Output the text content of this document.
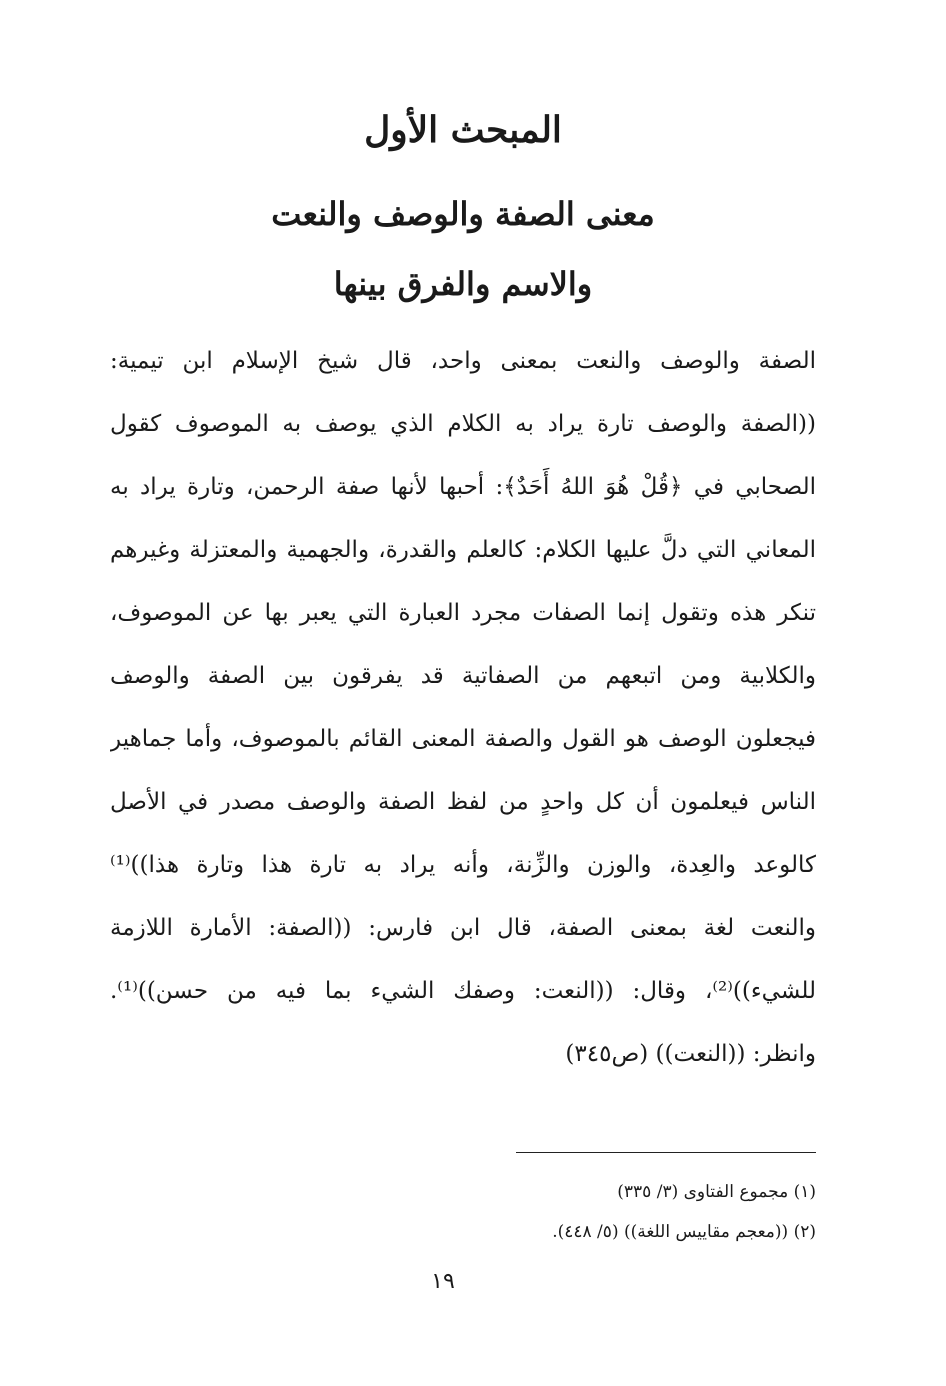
المبحث الأول
معنى الصفة والوصف والنعت
والاسم والفرق بينها
الصفة والوصف والنعت بمعنى واحد، قال شيخ الإسلام ابن تيمية:
((الصفة والوصف تارة يراد به الكلام الذي يوصف به الموصوف كقول
الصحابي في ﴿قُلْ هُوَ اللهُ أَحَدٌ﴾: أحبها لأنها صفة الرحمن، وتارة يراد به
المعاني التي دلَّ عليها الكلام: كالعلم والقدرة، والجهمية والمعتزلة وغيرهم
تنكر هذه وتقول إنما الصفات مجرد العبارة التي يعبر بها عن الموصوف،
والكلابية ومن اتبعهم من الصفاتية قد يفرقون بين الصفة والوصف
فيجعلون الوصف هو القول والصفة المعنى القائم بالموصوف، وأما جماهير
الناس فيعلمون أن كل واحدٍ من لفظ الصفة والوصف مصدر في الأصل
كالوعد والعِدة، والوزن والزِّنة، وأنه يراد به تارة هذا وتارة هذا))⁽¹⁾
والنعت لغة بمعنى الصفة، قال ابن فارس: ((الصفة: الأمارة اللازمة
للشيء))⁽²⁾، وقال: ((النعت: وصفك الشيء بما فيه من حسن))⁽¹⁾.
وانظر: ((النعت)) (ص٣٤٥)
(١) مجموع الفتاوى (٣/ ٣٣٥)
(٢) ((معجم مقاييس اللغة)) (٥/ ٤٤٨).
١٩
